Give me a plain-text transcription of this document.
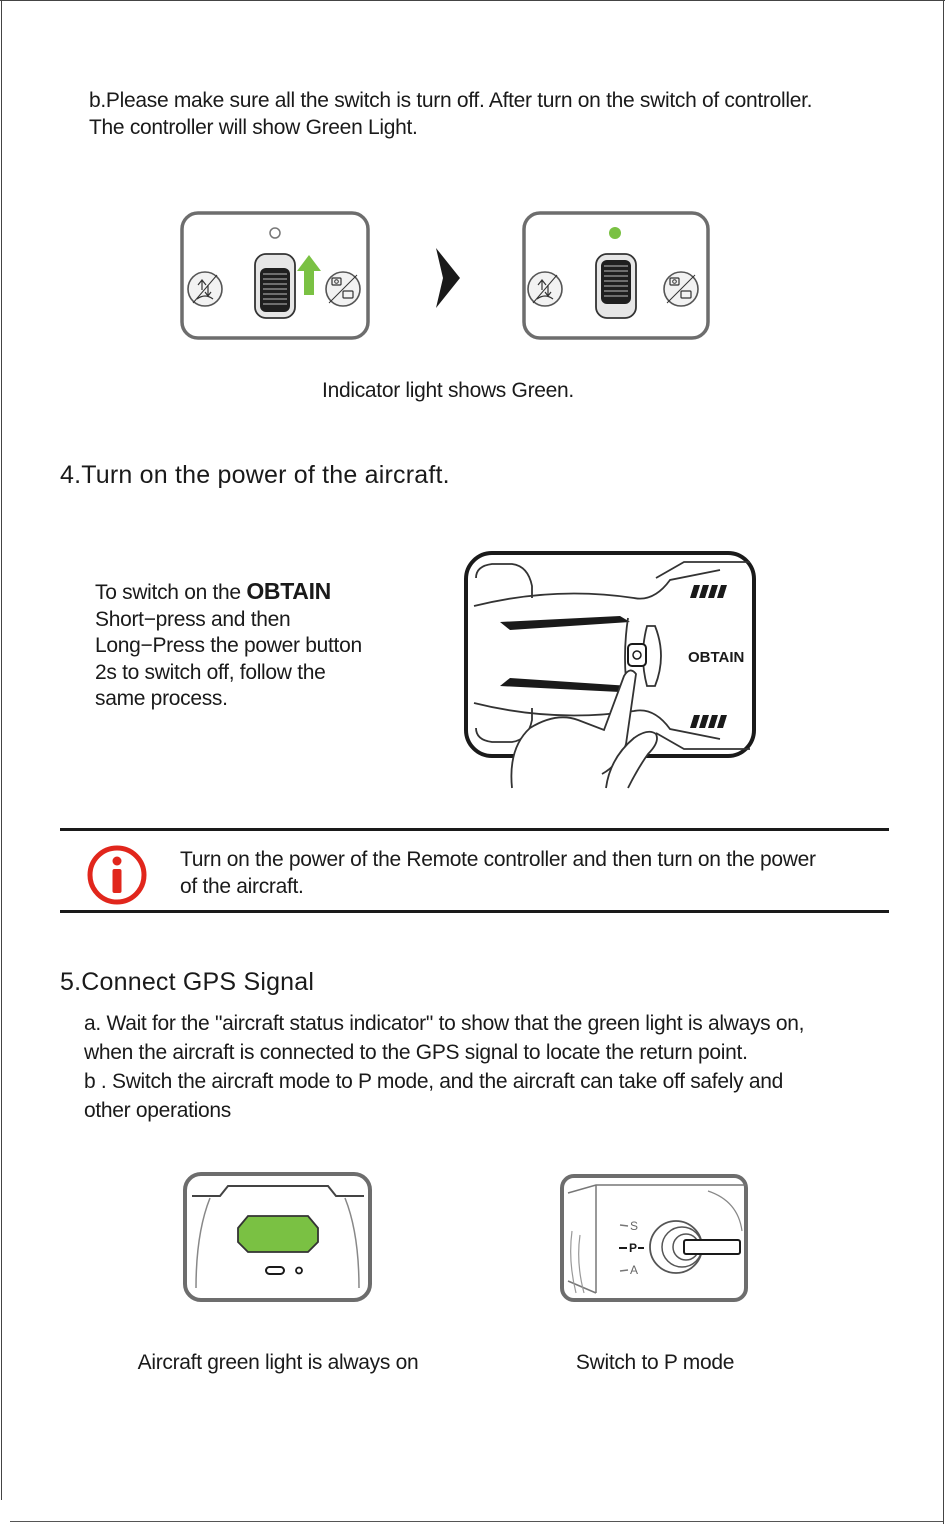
b.Please make sure all the switch is turn off. After turn on the switch of controller.

The controller will show Green Light.

Indicator light shows Green.
4.Turn on the power of the aircraft.
To switch on the OBTAIN
Short−press and then
Long−Press the power button
2s to switch off, follow the
same process.
OBTAIN

Turn on the power of the Remote controller and then turn on the power

of the aircraft.

5.Connect GPS Signal

a. Wait for the "aircraft status indicator" to show that the green light is always on,

when the aircraft is connected to the GPS signal to locate the return point.

b . Switch the aircraft mode to P mode, and the aircraft can take off safely and

other operations

Aircraft green light is always on
S
P
A
Switch to P mode
